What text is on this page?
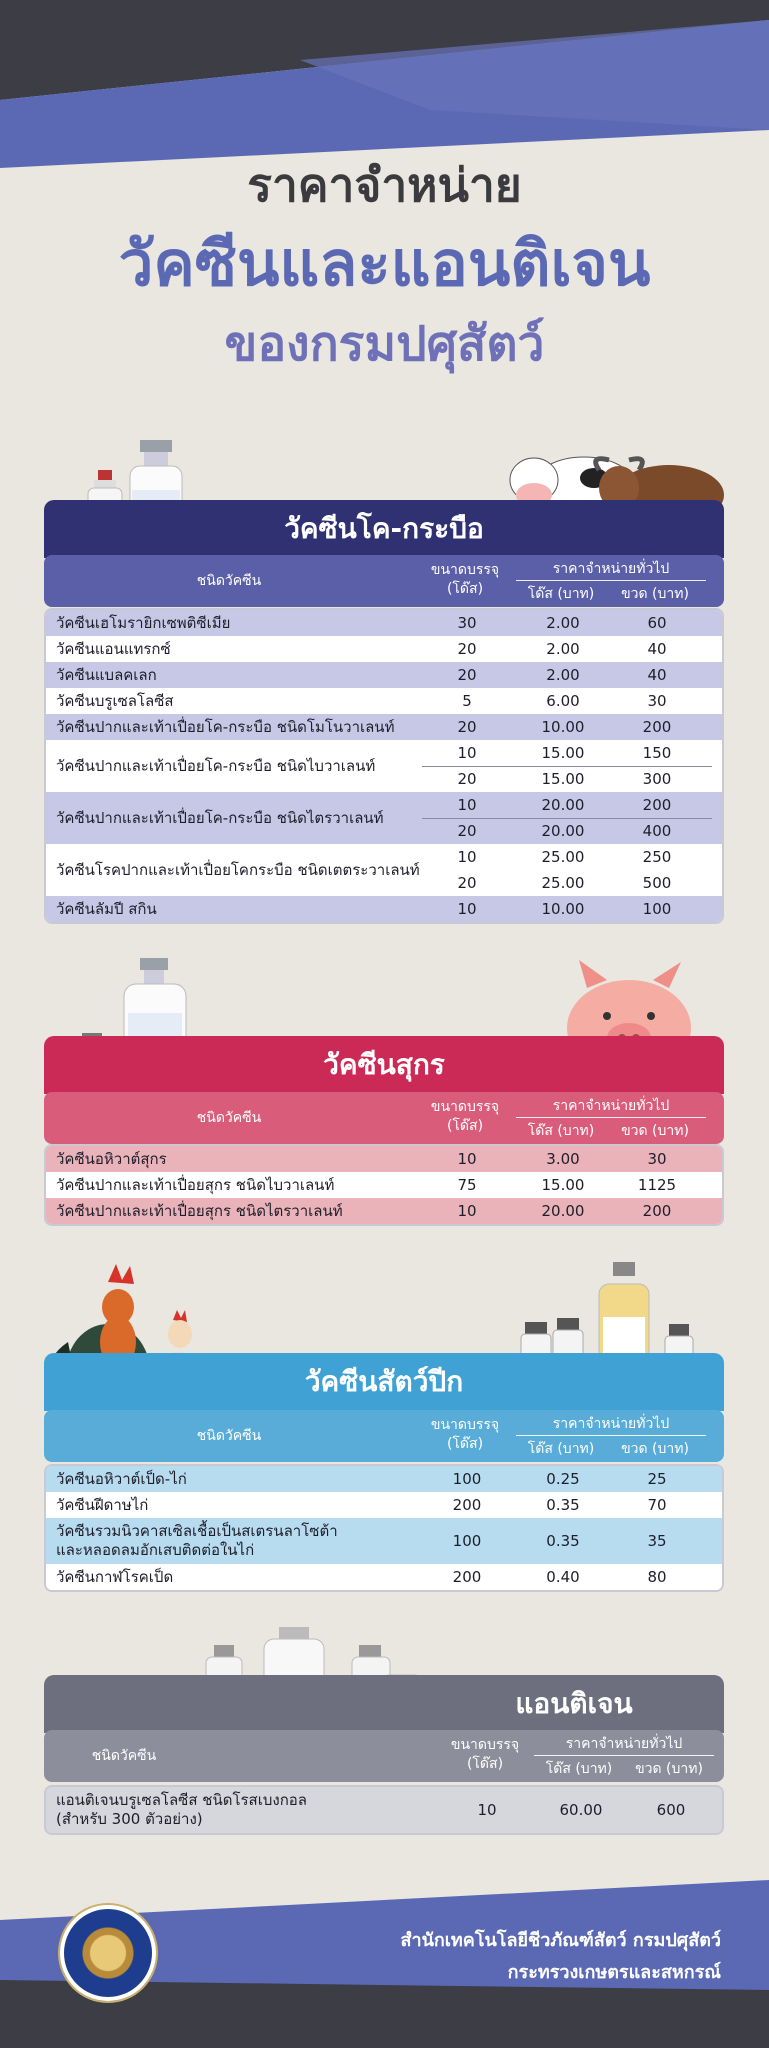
ราคาจำหน่าย
วัคซีนและแอนติเจน
ของกรมปศุสัตว์
วัคซีนโค-กระบือ
ชนิดวัคซีน
ขนาดบรรจุ
(โด๊ส)
ราคาจำหน่ายทั่วไป
โด๊ส (บาท)	ขวด (บาท)
วัคซีนเฮโมรายิกเซพติซีเมีย	30	2.00	60
วัคซีนแอนแทรกซ์	20	2.00	40
วัคซีนแบลคเลก	20	2.00	40
วัคซีนบรูเซลโลซีส	5	6.00	30
วัคซีนปากและเท้าเปื่อยโค-กระบือ ชนิดโมโนวาเลนท์	20	10.00	200
วัคซีนปากและเท้าเปื่อยโค-กระบือ ชนิดไบวาเลนท์
10	15.00	150
20	15.00	300
วัคซีนปากและเท้าเปื่อยโค-กระบือ ชนิดไตรวาเลนท์
10	20.00	200
20	20.00	400
วัคซีนโรคปากและเท้าเปื่อยโคกระบือ ชนิดเตตระวาเลนท์
10	25.00	250
20	25.00	500
วัคซีนลัมปี สกิน	10	10.00	100
วัคซีนสุกร
ชนิดวัคซีน
ขนาดบรรจุ
(โด๊ส)
ราคาจำหน่ายทั่วไป
โด๊ส (บาท)	ขวด (บาท)
วัคซีนอหิวาต์สุกร	10	3.00	30
วัคซีนปากและเท้าเปื่อยสุกร ชนิดไบวาเลนท์	75	15.00	1125
วัคซีนปากและเท้าเปื่อยสุกร ชนิดไตรวาเลนท์	10	20.00	200
วัคซีนสัตว์ปีก
ชนิดวัคซีน
ขนาดบรรจุ
(โด๊ส)
ราคาจำหน่ายทั่วไป
โด๊ส (บาท)	ขวด (บาท)
วัคซีนอหิวาต์เป็ด-ไก่	100	0.25	25
วัคซีนฝีดาษไก่	200	0.35	70
วัคซีนรวมนิวคาสเซิลเชื้อเป็นสเตรนลาโซต้า
และหลอดลมอักเสบติดต่อในไก่	100	0.35	35
วัคซีนกาฬโรคเป็ด	200	0.40	80
แอนติเจน
ชนิดวัคซีน
ขนาดบรรจุ
(โด๊ส)
ราคาจำหน่ายทั่วไป
โด๊ส (บาท)	ขวด (บาท)
แอนติเจนบรูเซลโลซีส ชนิดโรสเบงกอล
(สำหรับ 300 ตัวอย่าง)	10	60.00	600
สำนักเทคโนโลยีชีวภัณฑ์สัตว์ กรมปศุสัตว์
กระทรวงเกษตรและสหกรณ์
